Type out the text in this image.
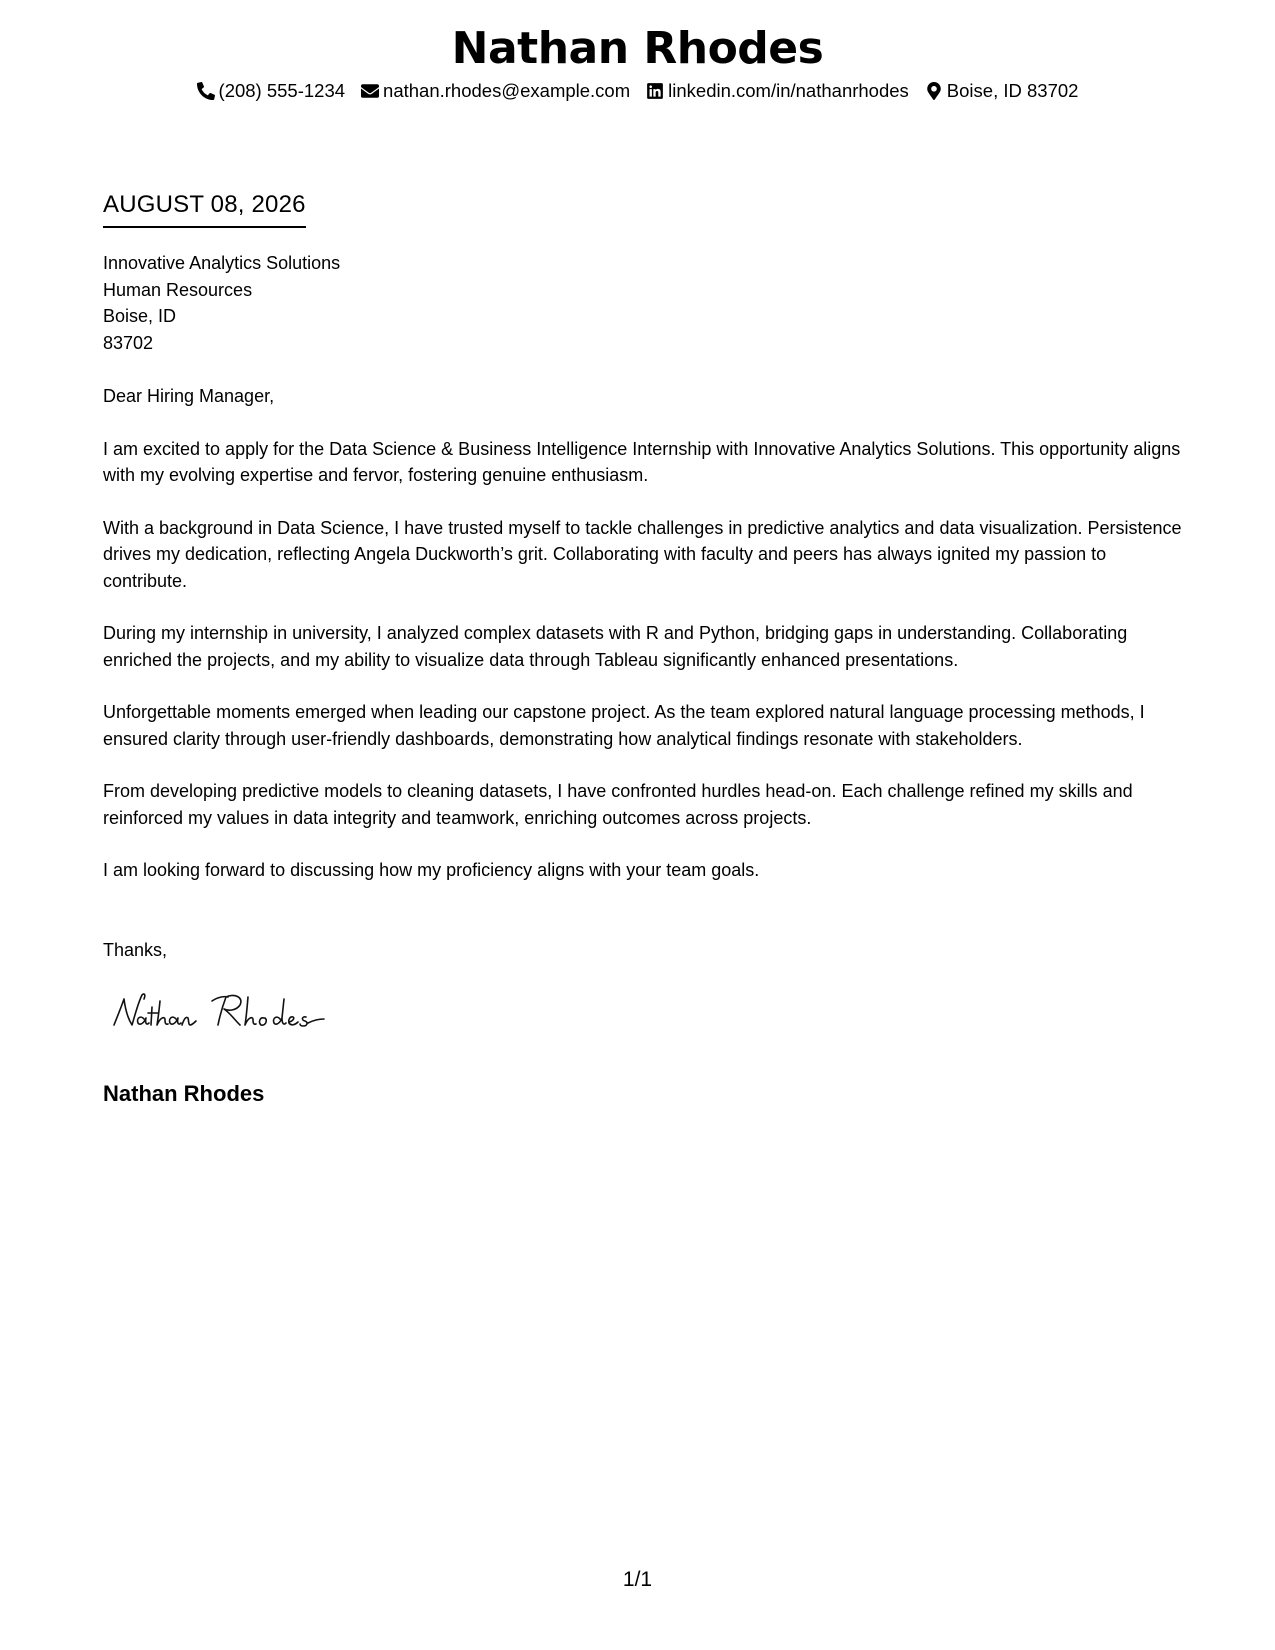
Nathan Rhodes
(208) 555-1234 nathan.rhodes@example.com linkedin.com/in/nathanrhodes Boise, ID 83702
AUGUST 08, 2026
Innovative Analytics Solutions
Human Resources
Boise, ID
83702

Dear Hiring Manager,

I am excited to apply for the Data Science & Business Intelligence Internship with Innovative Analytics Solutions. This opportunity aligns with my evolving expertise and fervor, fostering genuine enthusiasm.

With a background in Data Science, I have trusted myself to tackle challenges in predictive analytics and data visualization. Persistence drives my dedication, reflecting Angela Duckworth’s grit. Collaborating with faculty and peers has always ignited my passion to contribute.

During my internship in university, I analyzed complex datasets with R and Python, bridging gaps in understanding. Collaborating enriched the projects, and my ability to visualize data through Tableau significantly enhanced presentations.

Unforgettable moments emerged when leading our capstone project. As the team explored natural language processing methods, I ensured clarity through user-friendly dashboards, demonstrating how analytical findings resonate with stakeholders.

From developing predictive models to cleaning datasets, I have confronted hurdles head-on. Each challenge refined my skills and reinforced my values in data integrity and teamwork, enriching outcomes across projects.

I am looking forward to discussing how my proficiency aligns with your team goals.

Thanks,
Nathan Rhodes
1/1
